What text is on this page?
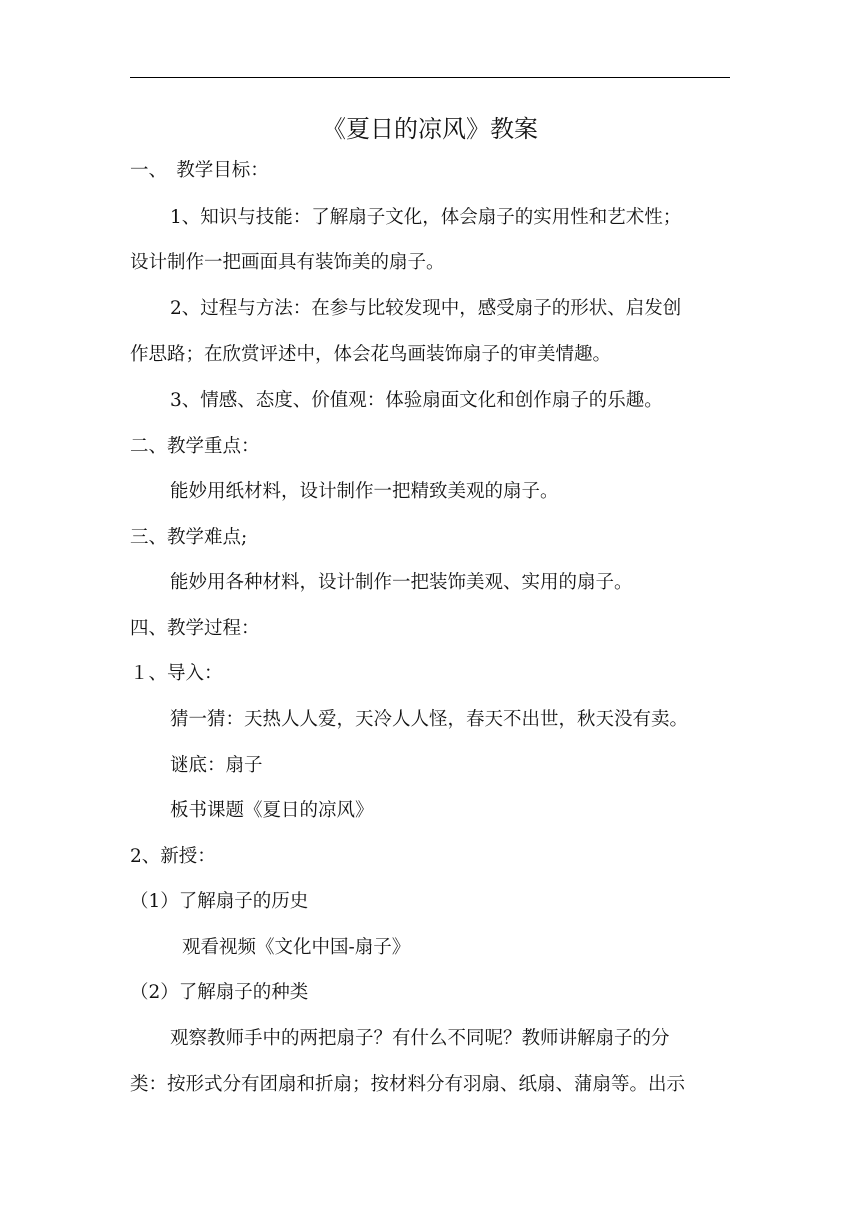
《夏日的凉风》教案
一、　教学目标：
1、知识与技能：了解扇子文化，体会扇子的实用性和艺术性；
设计制作一把画面具有装饰美的扇子。
2、过程与方法：在参与比较发现中，感受扇子的形状、启发创
作思路；在欣赏评述中，体会花鸟画装饰扇子的审美情趣。
3、情感、态度、价值观：体验扇面文化和创作扇子的乐趣。
二、教学重点：
能妙用纸材料，设计制作一把精致美观的扇子。
三、教学难点;
能妙用各种材料，设计制作一把装饰美观、实用的扇子。
四、教学过程：
１、导入：
猜一猜：天热人人爱，天冷人人怪，春天不出世，秋天没有卖。
谜底：扇子
板书课题《夏日的凉风》
2、新授：
（1）了解扇子的历史
观看视频《文化中国-扇子》
（2）了解扇子的种类
观察教师手中的两把扇子？有什么不同呢？教师讲解扇子的分
类：按形式分有团扇和折扇；按材料分有羽扇、纸扇、蒲扇等。出示
